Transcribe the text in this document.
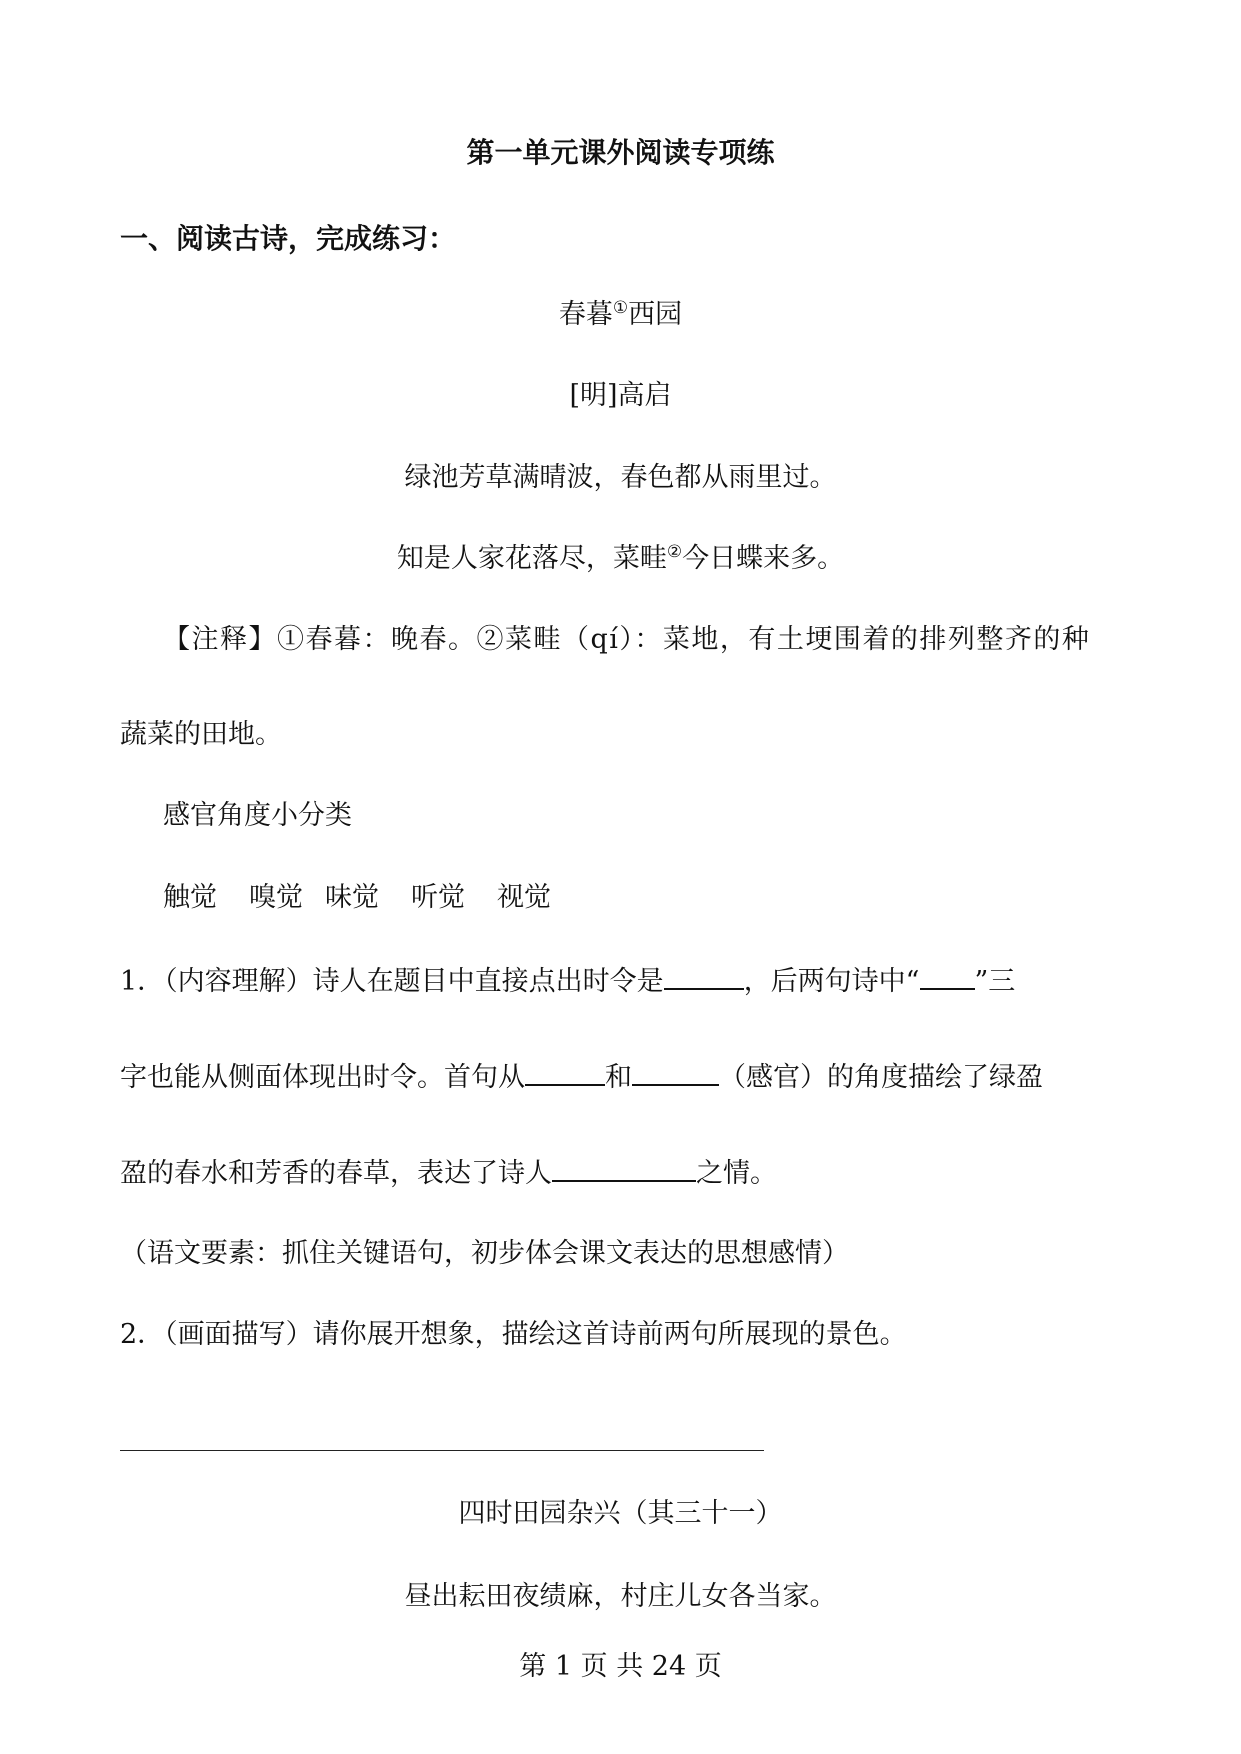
第一单元课外阅读专项练
一、阅读古诗，完成练习：
春暮①西园
[明]高启
绿池芳草满晴波，春色都从雨里过。
知是人家花落尽，菜畦②今日蝶来多。
【注释】①春暮：晚春。②菜畦（qí）：菜地，有土埂围着的排列整齐的种
蔬菜的田地。
感官角度小分类
触觉 嗅觉 味觉 听觉 视觉
1．（内容理解）诗人在题目中直接点出时令是	，后两句诗中“ ”三
字也能从侧面体现出时令。首句从	和	（感官）的角度描绘了绿盈
盈的春水和芳香的春草，表达了诗人	之情。
（语文要素：抓住关键语句，初步体会课文表达的思想感情）
2．（画面描写）请你展开想象，描绘这首诗前两句所展现的景色。
四时田园杂兴（其三十一）
昼出耘田夜绩麻，村庄儿女各当家。
第 1 页 共 24 页
